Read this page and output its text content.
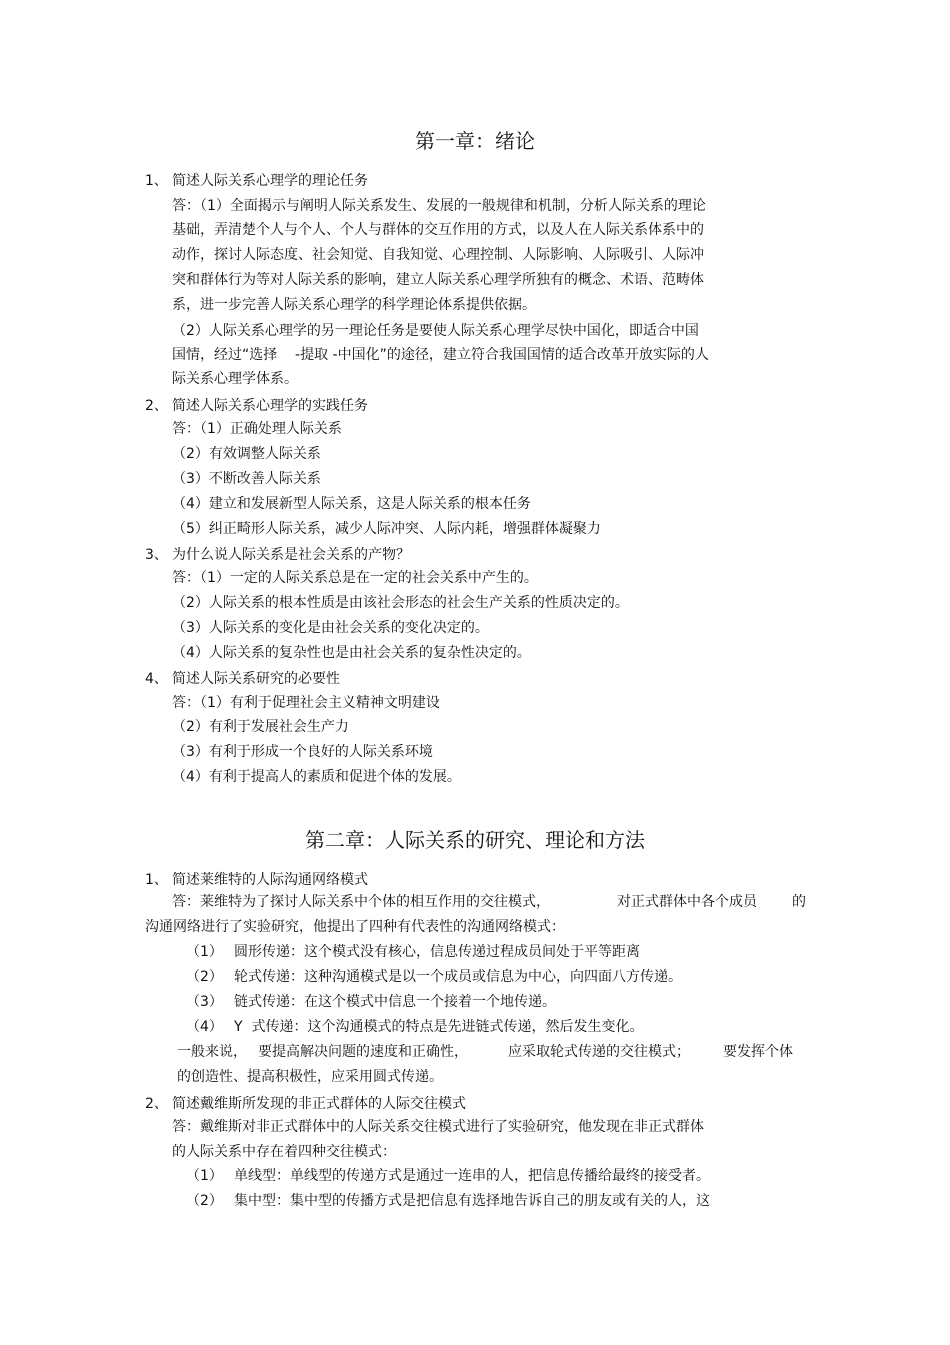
第一章：绪论
1、 简述人际关系心理学的理论任务
答：（1）全面揭示与阐明人际关系发生、发展的一般规律和机制，分析人际关系的理论
基础，弄清楚个人与个人、个人与群体的交互作用的方式，以及人在人际关系体系中的
动作，探讨人际态度、社会知觉、自我知觉、心理控制、人际影响、人际吸引、人际冲
突和群体行为等对人际关系的影响，建立人际关系心理学所独有的概念、术语、范畴体
系，进一步完善人际关系心理学的科学理论体系提供依据。
（2）人际关系心理学的另一理论任务是要使人际关系心理学尽快中国化，即适合中国
国情，经过“选择    -提取 -中国化”的途径，建立符合我国国情的适合改革开放实际的人
际关系心理学体系。
2、 简述人际关系心理学的实践任务
答：（1）正确处理人际关系
（2）有效调整人际关系
（3）不断改善人际关系
（4）建立和发展新型人际关系，这是人际关系的根本任务
（5）纠正畸形人际关系，减少人际冲突、人际内耗，增强群体凝聚力
3、 为什么说人际关系是社会关系的产物？
答：（1）一定的人际关系总是在一定的社会关系中产生的。
（2）人际关系的根本性质是由该社会形态的社会生产关系的性质决定的。
（3）人际关系的变化是由社会关系的变化决定的。
（4）人际关系的复杂性也是由社会关系的复杂性决定的。
4、 简述人际关系研究的必要性
答：（1）有利于促理社会主义精神文明建设
（2）有利于发展社会生产力
（3）有利于形成一个良好的人际关系环境
（4）有利于提高人的素质和促进个体的发展。
第二章：人际关系的研究、理论和方法
1、 简述莱维特的人际沟通网络模式
答：莱维特为了探讨人际关系中个体的相互作用的交往模式，	对正式群体中各个成员	的
沟通网络进行了实验研究，他提出了四种有代表性的沟通网络模式：
（1） 圆形传递：这个模式没有核心，信息传递过程成员间处于平等距离
（2） 轮式传递：这种沟通模式是以一个成员或信息为中心，向四面八方传递。
（3） 链式传递：在这个模式中信息一个接着一个地传递。
（4） Y  式传递：这个沟通模式的特点是先进链式传递，然后发生变化。
一般来说， 要提高解决问题的速度和正确性，	应采取轮式传递的交往模式； 要发挥个体
的创造性、提高积极性，应采用圆式传递。
2、 简述戴维斯所发现的非正式群体的人际交往模式
答：戴维斯对非正式群体中的人际关系交往模式进行了实验研究，他发现在非正式群体
的人际关系中存在着四种交往模式：
（1） 单线型：单线型的传递方式是通过一连串的人，把信息传播给最终的接受者。
（2） 集中型：集中型的传播方式是把信息有选择地告诉自己的朋友或有关的人，这
